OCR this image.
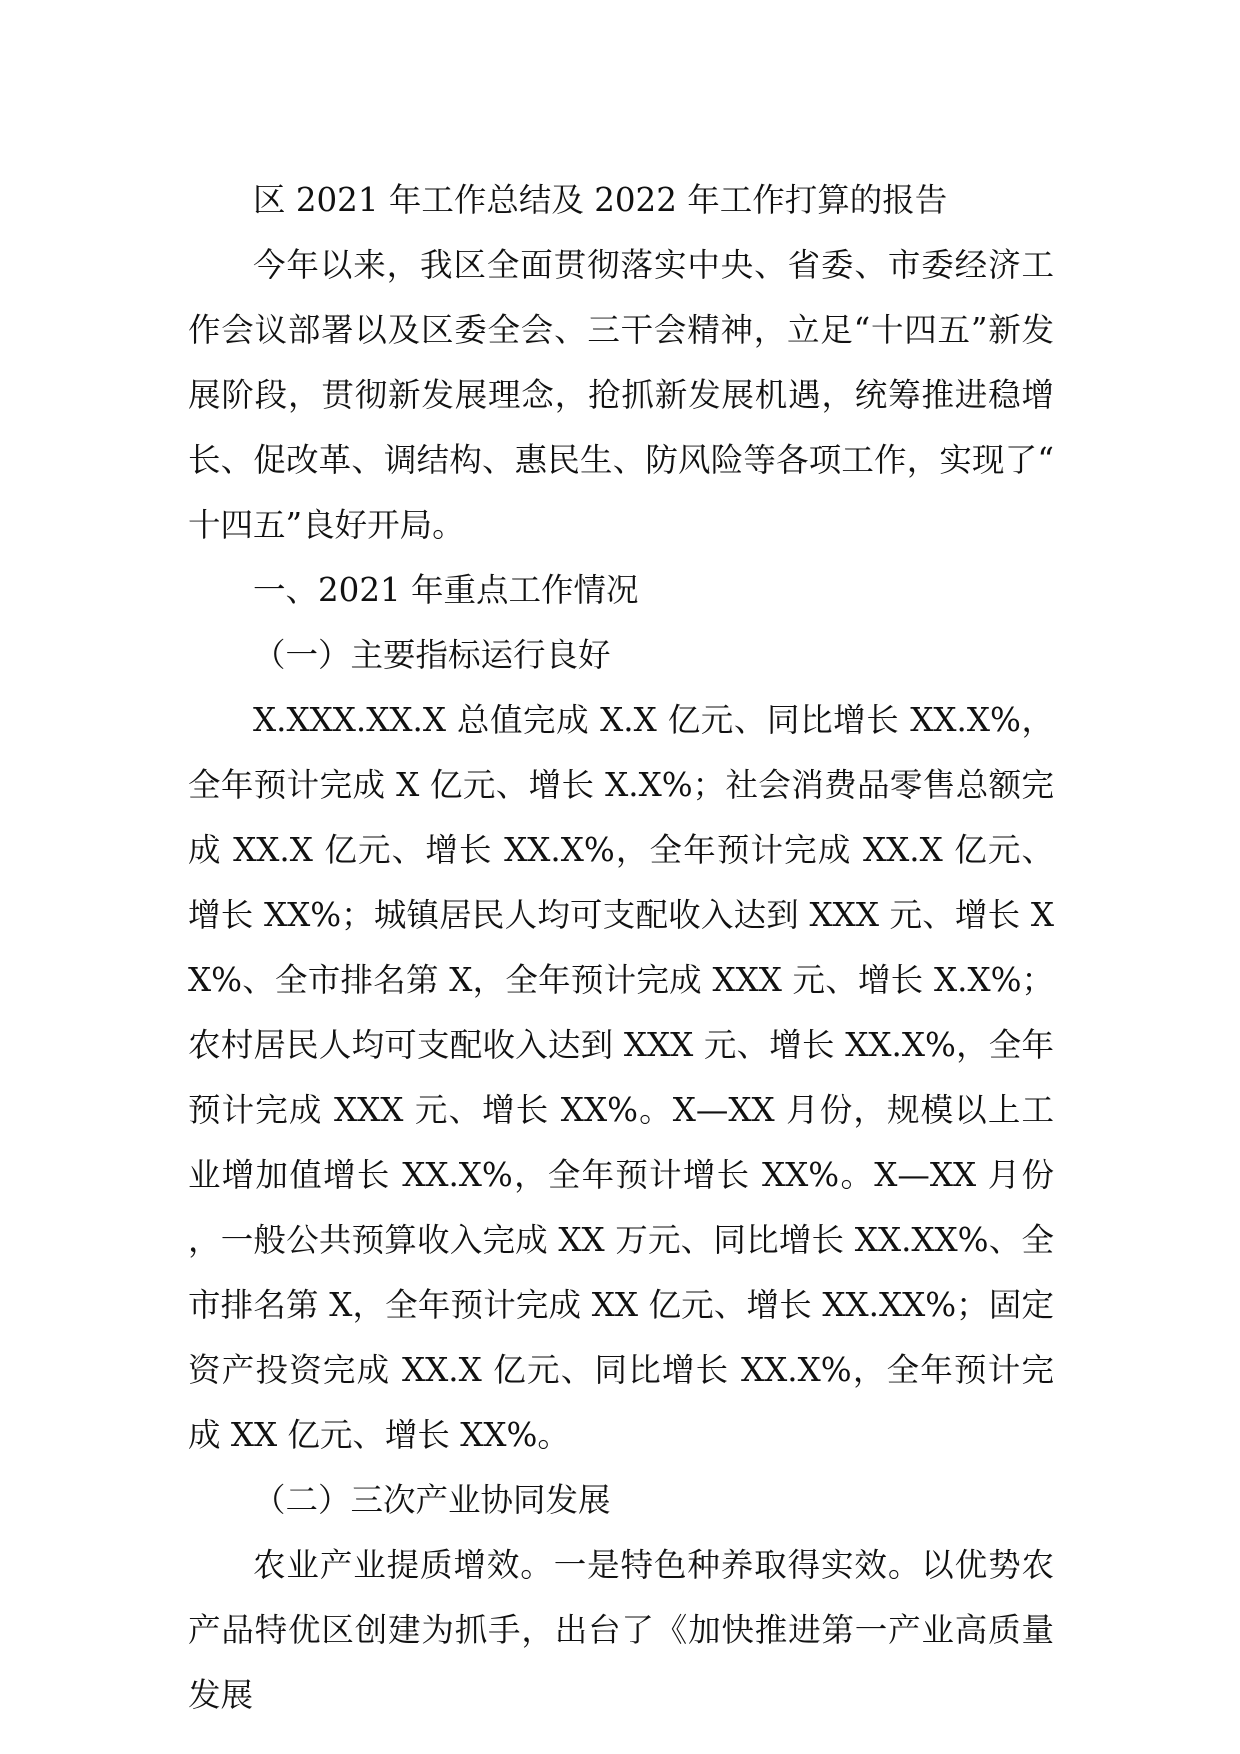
区 2021 年工作总结及 2022 年工作打算的报告

今年以来，我区全面贯彻落实中央、省委、市委经济工作会议部署以及区委全会、三干会精神，立足“十四五”新发展阶段，贯彻新发展理念，抢抓新发展机遇，统筹推进稳增长、促改革、调结构、惠民生、防风险等各项工作，实现了“十四五”良好开局。

一、2021 年重点工作情况

（一）主要指标运行良好

X.XXX.XX.X 总值完成 X.X 亿元、同比增长 XX.X%，全年预计完成 X 亿元、增长 X.X%；社会消费品零售总额完成 XX.X 亿元、增长 XX.X%，全年预计完成 XX.X 亿元、增长 XX%；城镇居民人均可支配收入达到 XXX 元、增长 XX%、全市排名第 X，全年预计完成 XXX 元、增长 X.X%；农村居民人均可支配收入达到 XXX 元、增长 XX.X%，全年预计完成 XXX 元、增长 XX%。X—XX 月份，规模以上工业增加值增长 XX.X%，全年预计增长 XX%。X—XX 月份，一般公共预算收入完成 XX 万元、同比增长 XX.XX%、全市排名第 X，全年预计完成 XX 亿元、增长 XX.XX%；固定资产投资完成 XX.X 亿元、同比增长 XX.X%，全年预计完成 XX 亿元、增长 XX%。

（二）三次产业协同发展

农业产业提质增效。一是特色种养取得实效。以优势农产品特优区创建为抓手，出台了《加快推进第一产业高质量发展
